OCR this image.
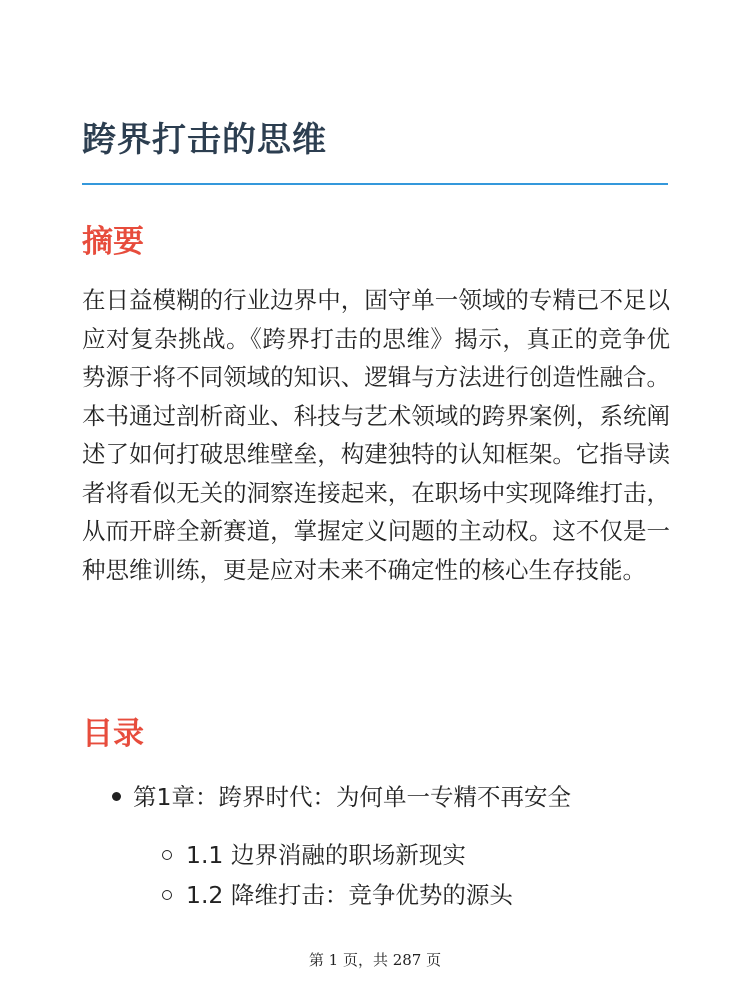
跨界打击的思维
摘要

在日益模糊的行业边界中，固守单一领域的专精已不足以应对复杂挑战。《跨界打击的思维》揭示，真正的竞争优势源于将不同领域的知识、逻辑与方法进行创造性融合。本书通过剖析商业、科技与艺术领域的跨界案例，系统阐述了如何打破思维壁垒，构建独特的认知框架。它指导读者将看似无关的洞察连接起来，在职场中实现降维打击，从而开辟全新赛道，掌握定义问题的主动权。这不仅是一种思维训练，更是应对未来不确定性的核心生存技能。

目录
第1章：跨界时代：为何单一专精不再安全
1.1 边界消融的职场新现实
1.2 降维打击：竞争优势的源头
第 1 页，共 287 页
